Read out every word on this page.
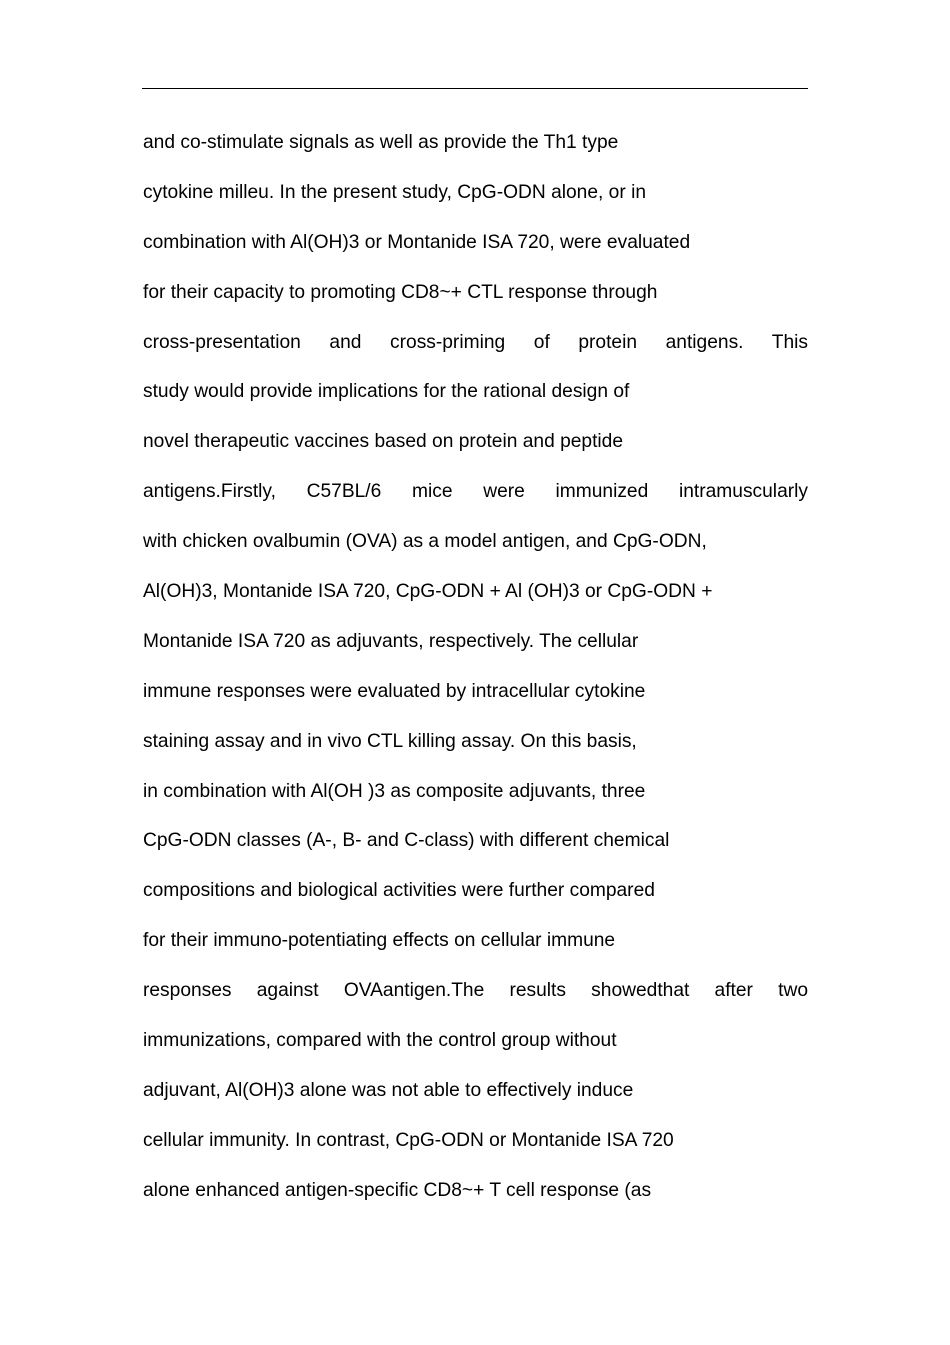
and co-stimulate signals as well as provide the Th1 type
cytokine milleu. In the present study, CpG-ODN alone, or in
combination with Al(OH)3 or Montanide ISA 720, were evaluated
for their capacity to promoting CD8~+ CTL response through
cross-presentation and cross-priming of protein antigens. This
study would provide implications for the rational design of
novel therapeutic vaccines based on protein and peptide
antigens.Firstly, C57BL/6 mice were immunized intramuscularly
with chicken ovalbumin (OVA) as a model antigen, and CpG-ODN,
Al(OH)3, Montanide ISA 720, CpG-ODN + Al (OH)3 or CpG-ODN +
Montanide ISA 720 as adjuvants, respectively. The cellular
immune responses were evaluated by intracellular cytokine
staining assay and in vivo CTL killing assay. On this basis,
in combination with Al(OH )3 as composite adjuvants, three
CpG-ODN classes (A-, B- and C-class) with different chemical
compositions and biological activities were further compared
for their immuno-potentiating effects on cellular immune
responses against OVAantigen.The results showedthat after two
immunizations, compared with the control group without
adjuvant, Al(OH)3 alone was not able to effectively induce
cellular immunity. In contrast, CpG-ODN or Montanide ISA 720
alone enhanced antigen-specific CD8~+ T cell response (as
